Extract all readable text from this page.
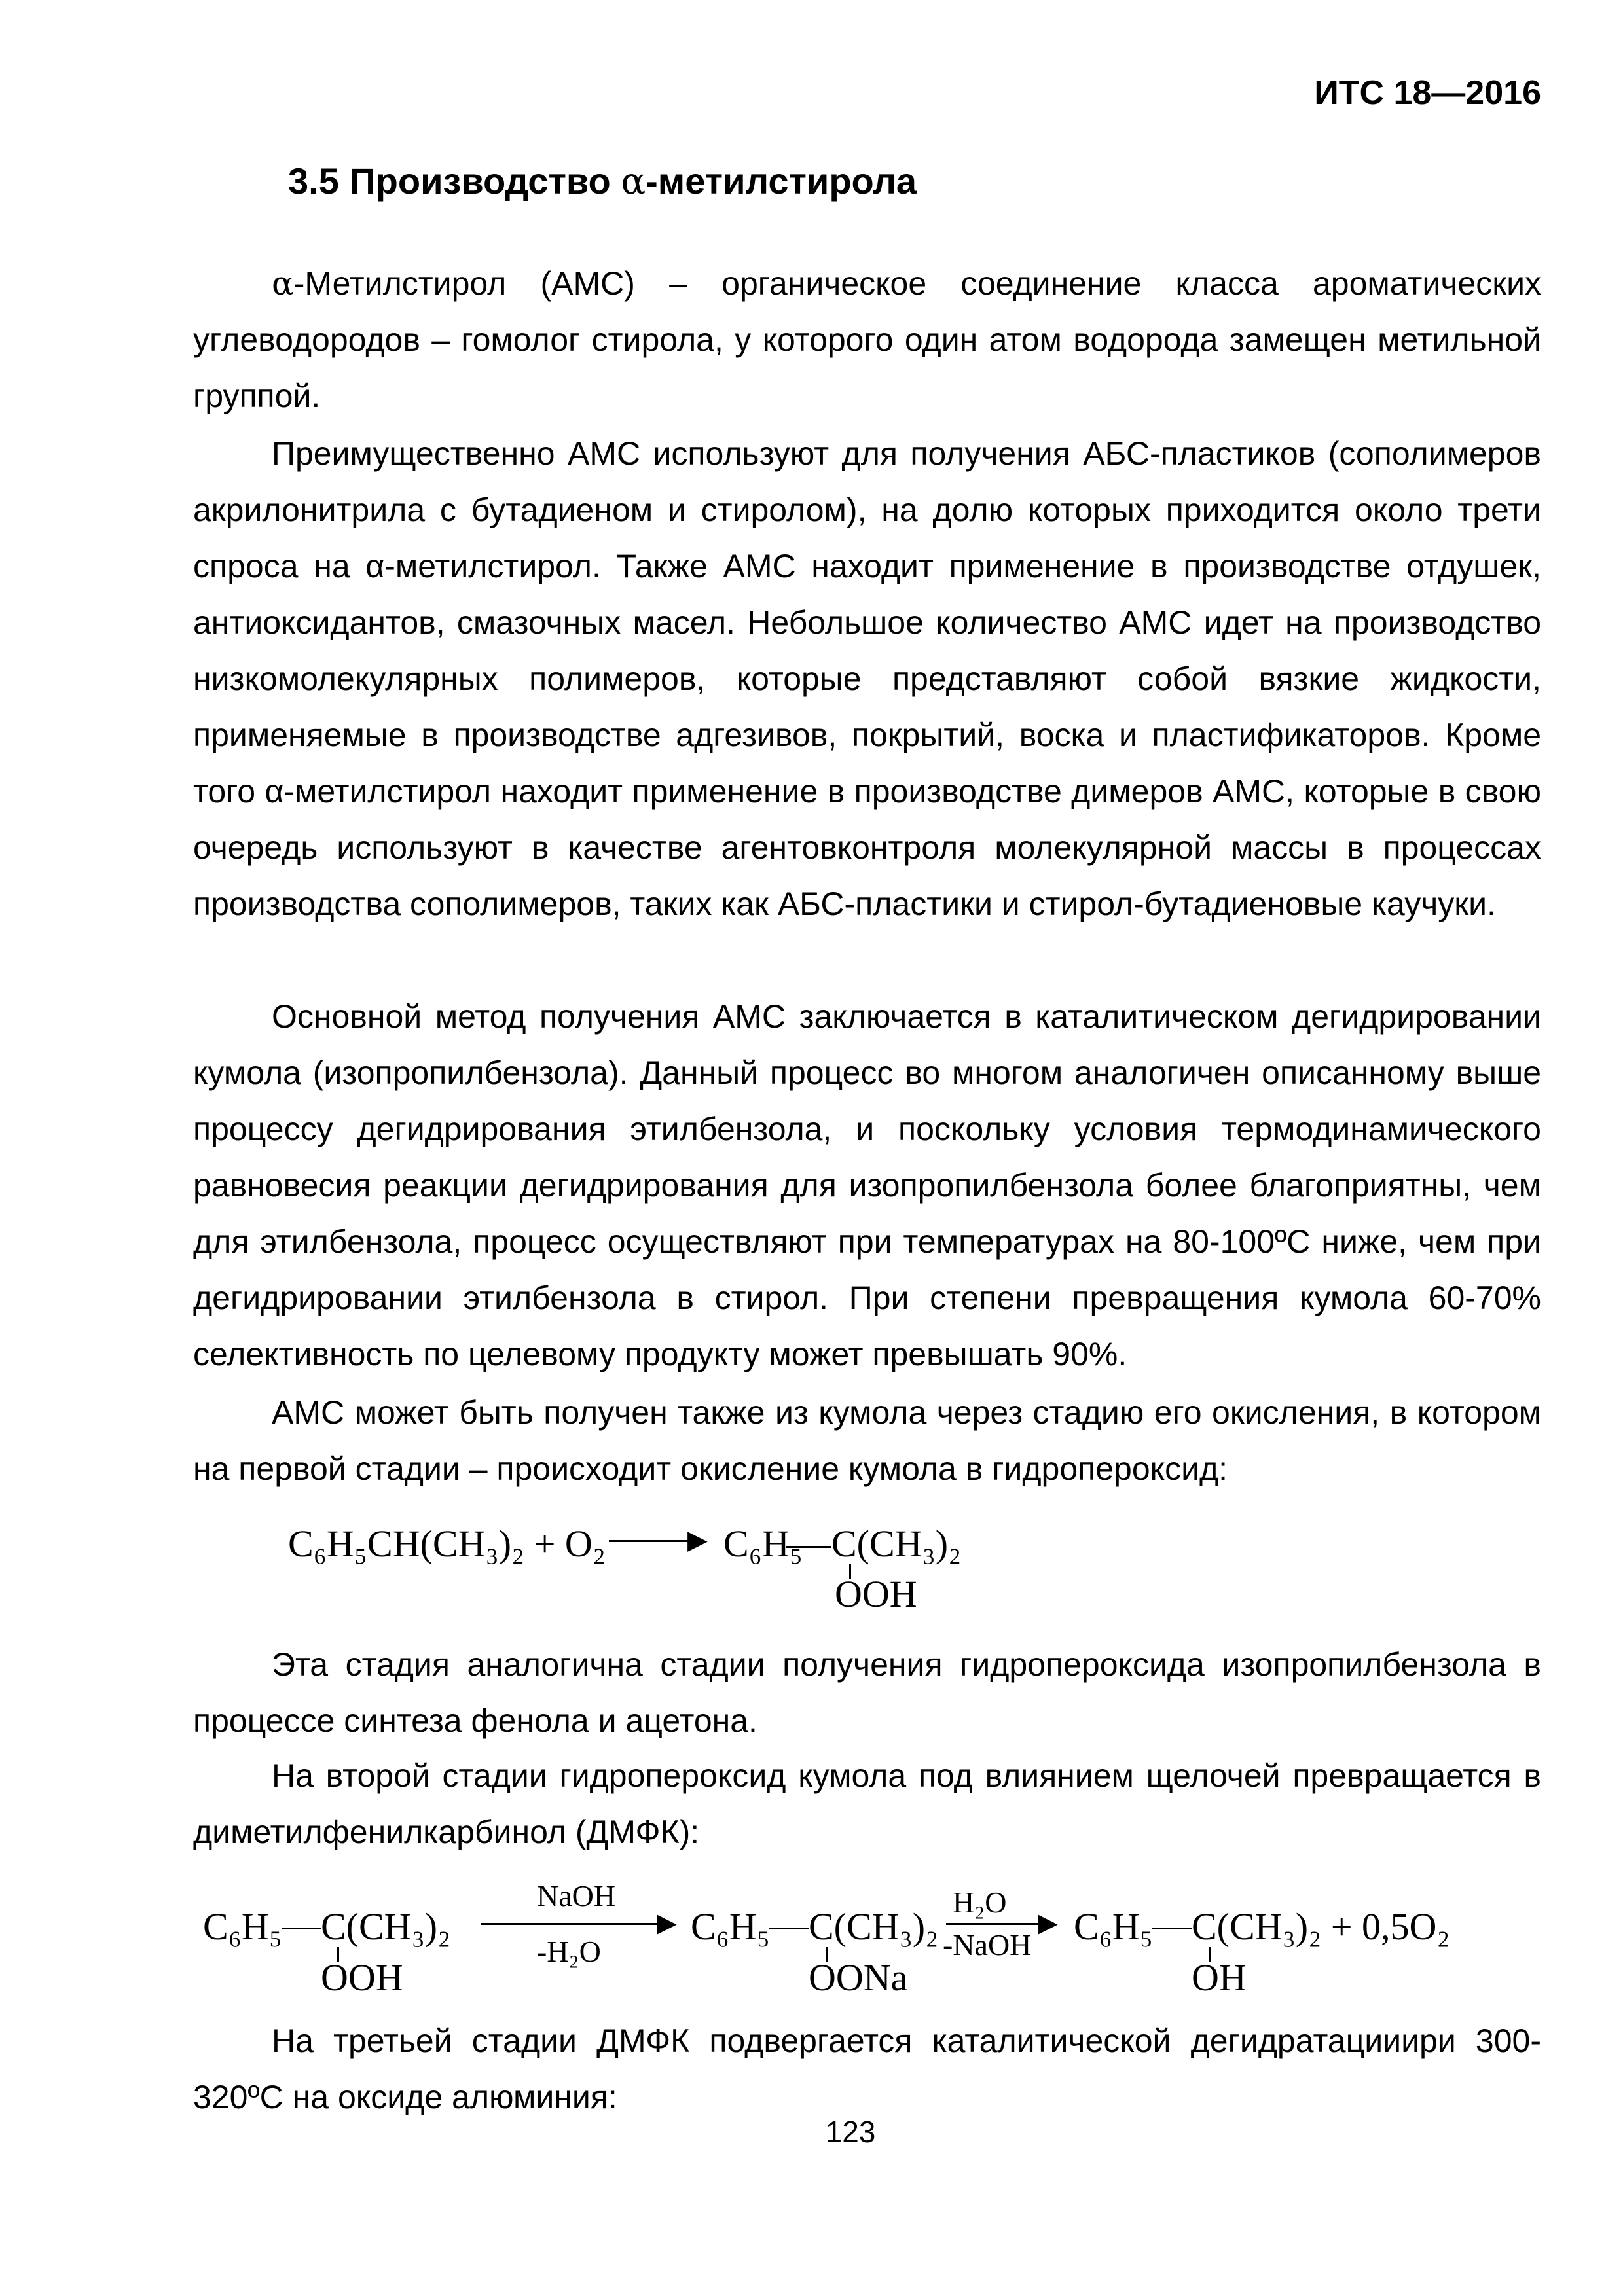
ИТС 18—2016
3.5 Производство α-метилстирола

α-Метилстирол (АМС) – органическое соединение класса ароматических углеводородов – гомолог стирола, у которого один атом водорода замещен метильной группой.

Преимущественно АМС используют для получения АБС-пластиков (сополимеров акрилонитрила с бутадиеном и стиролом), на долю которых приходится около трети спроса на α-метилстирол. Также АМС находит применение в производстве отдушек, антиоксидантов, смазочных масел. Небольшое количество АМС идет на производство низкомолекулярных полимеров, которые представляют собой вязкие жидкости, применяемые в производстве адгезивов, покрытий, воска и пластификаторов. Кроме того α-метилстирол находит применение в производстве димеров АМС, которые в свою очередь используют в качестве агентовконтроля молекулярной массы в процессах производства сополимеров, таких как АБС-пластики и стирол-бутадиеновые каучуки.

Основной метод получения АМС заключается в каталитическом дегидрировании кумола (изопропилбензола). Данный процесс во многом аналогичен описанному выше процессу дегидрирования этилбензола, и поскольку условия термодинамического равновесия реакции дегидрирования для изопропилбензола более благоприятны, чем для этилбензола, процесс осуществляют при температурах на 80-100ºС ниже, чем при дегидрировании этилбензола в стирол. При степени превращения кумола 60-70% селективность по целевому продукту может превышать 90%.

АМС может быть получен также из кумола через стадию его окисления, в котором на первой стадии – происходит окисление кумола в гидропероксид:

C₆H₅CH(CH₃)₂ + O₂	▶ C₆H₅ C(CH₃)₂
OOH

Эта стадия аналогична стадии получения гидропероксида изопропилбензола в процессе синтеза фенола и ацетона.

На второй стадии гидропероксид кумола под влиянием щелочей превращается в диметилфенилкарбинол (ДМФК):

C₆H₅ C(CH₃)₂
OOH
NaOH
▶
-H₂O
C₆H₅ C(CH₃)₂
OONa
H₂O
▶
-NaOH C₆H₅ C(CH₃)₂ + 0,5O₂
OH

На третьей стадии ДМФК подвергается каталитической дегидратацииири 300-320ºС на оксиде алюминия:

123
